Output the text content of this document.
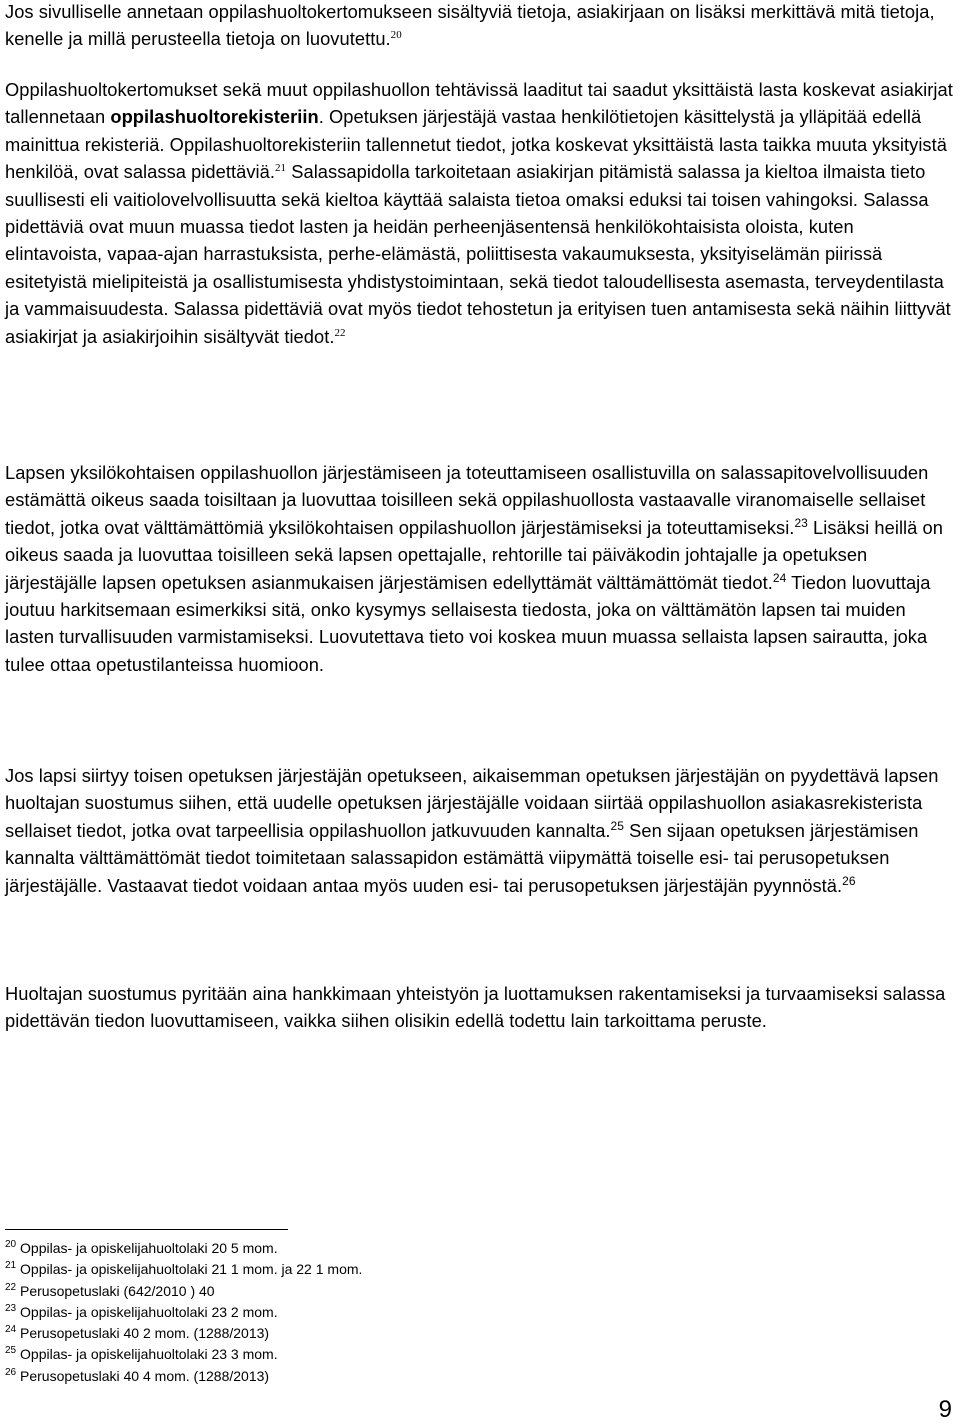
Jos sivulliselle annetaan oppilashuoltokertomukseen sisältyviä tietoja, asiakirjaan on lisäksi merkittävä mitä tietoja, kenelle ja millä perusteella tietoja on luovutettu.$^{20}$

Oppilashuoltokertomukset sekä muut oppilashuollon tehtävissä laaditut tai saadut yksittäistä lasta koskevat asiakirjat tallennetaan oppilashuoltorekisteriin. Opetuksen järjestäjä vastaa henkilötietojen käsittelystä ja ylläpitää edellä mainittua rekisteriä. Oppilashuoltorekisteriin tallennetut tiedot, jotka koskevat yksittäistä lasta taikka muuta yksityistä henkilöä, ovat salassa pidettäviä.$^{21}$ Salassapidolla tarkoitetaan asiakirjan pitämistä salassa ja kieltoa ilmaista tieto suullisesti eli vaitiolovelvollisuutta sekä kieltoa käyttää salaista tietoa omaksi eduksi tai toisen vahingoksi. Salassa pidettäviä ovat muun muassa tiedot lasten ja heidän perheenjäsentensä henkilökohtaisista oloista, kuten elintavoista, vapaa-ajan harrastuksista, perhe-elämästä, poliittisesta vakaumuksesta, yksityiselämän piirissä esitetyistä mielipiteistä ja osallistumisesta yhdistystoimintaan, sekä tiedot taloudellisesta asemasta, terveydentilasta ja vammaisuudesta. Salassa pidettäviä ovat myös tiedot tehostetun ja erityisen tuen antamisesta sekä näihin liittyvät asiakirjat ja asiakirjoihin sisältyvät tiedot.$^{22}$

Lapsen yksilökohtaisen oppilashuollon järjestämiseen ja toteuttamiseen osallistuvilla on salassapitovelvollisuuden estämättä oikeus saada toisiltaan ja luovuttaa toisilleen sekä oppilashuollosta vastaavalle viranomaiselle sellaiset tiedot, jotka ovat välttämättömiä yksilökohtaisen oppilashuollon järjestämiseksi ja toteuttamiseksi.$^{23}$ Lisäksi heillä on oikeus saada ja luovuttaa toisilleen sekä lapsen opettajalle, rehtorille tai päiväkodin johtajalle ja opetuksen järjestäjälle lapsen opetuksen asianmukaisen järjestämisen edellyttämät välttämättömät tiedot.$^{24}$ Tiedon luovuttaja joutuu harkitsemaan esimerkiksi sitä, onko kysymys sellaisesta tiedosta, joka on välttämätön lapsen tai muiden lasten turvallisuuden varmistamiseksi. Luovutettava tieto voi koskea muun muassa sellaista lapsen sairautta, joka tulee ottaa opetustilanteissa huomioon.

Jos lapsi siirtyy toisen opetuksen järjestäjän opetukseen, aikaisemman opetuksen järjestäjän on pyydettävä lapsen huoltajan suostumus siihen, että uudelle opetuksen järjestäjälle voidaan siirtää oppilashuollon asiakasrekisterista sellaiset tiedot, jotka ovat tarpeellisia oppilashuollon jatkuvuuden kannalta.$^{25}$ Sen sijaan opetuksen järjestämisen kannalta välttämättömät tiedot toimitetaan salassapidon estämättä viipymättä toiselle esi- tai perusopetuksen järjestäjälle. Vastaavat tiedot voidaan antaa myös uuden esi- tai perusopetuksen järjestäjän pyynnöstä.$^{26}$

Huoltajan suostumus pyritään aina hankkimaan yhteistyön ja luottamuksen rakentamiseksi ja turvaamiseksi salassa pidettävän tiedon luovuttamiseen, vaikka siihen olisikin edellä todettu lain tarkoittama peruste.

$^{20}$ Oppilas- ja opiskelijahuoltolaki 20 5 mom.

$^{21}$ Oppilas- ja opiskelijahuoltolaki 21 1 mom. ja 22 1 mom.

$^{22}$ Perusopetuslaki (642/2010 ) 40

$^{23}$ Oppilas- ja opiskelijahuoltolaki 23 2 mom.

$^{24}$ Perusopetuslaki 40 2 mom. (1288/2013)

$^{25}$ Oppilas- ja opiskelijahuoltolaki 23 3 mom.

$^{26}$ Perusopetuslaki 40 4 mom. (1288/2013)

9
